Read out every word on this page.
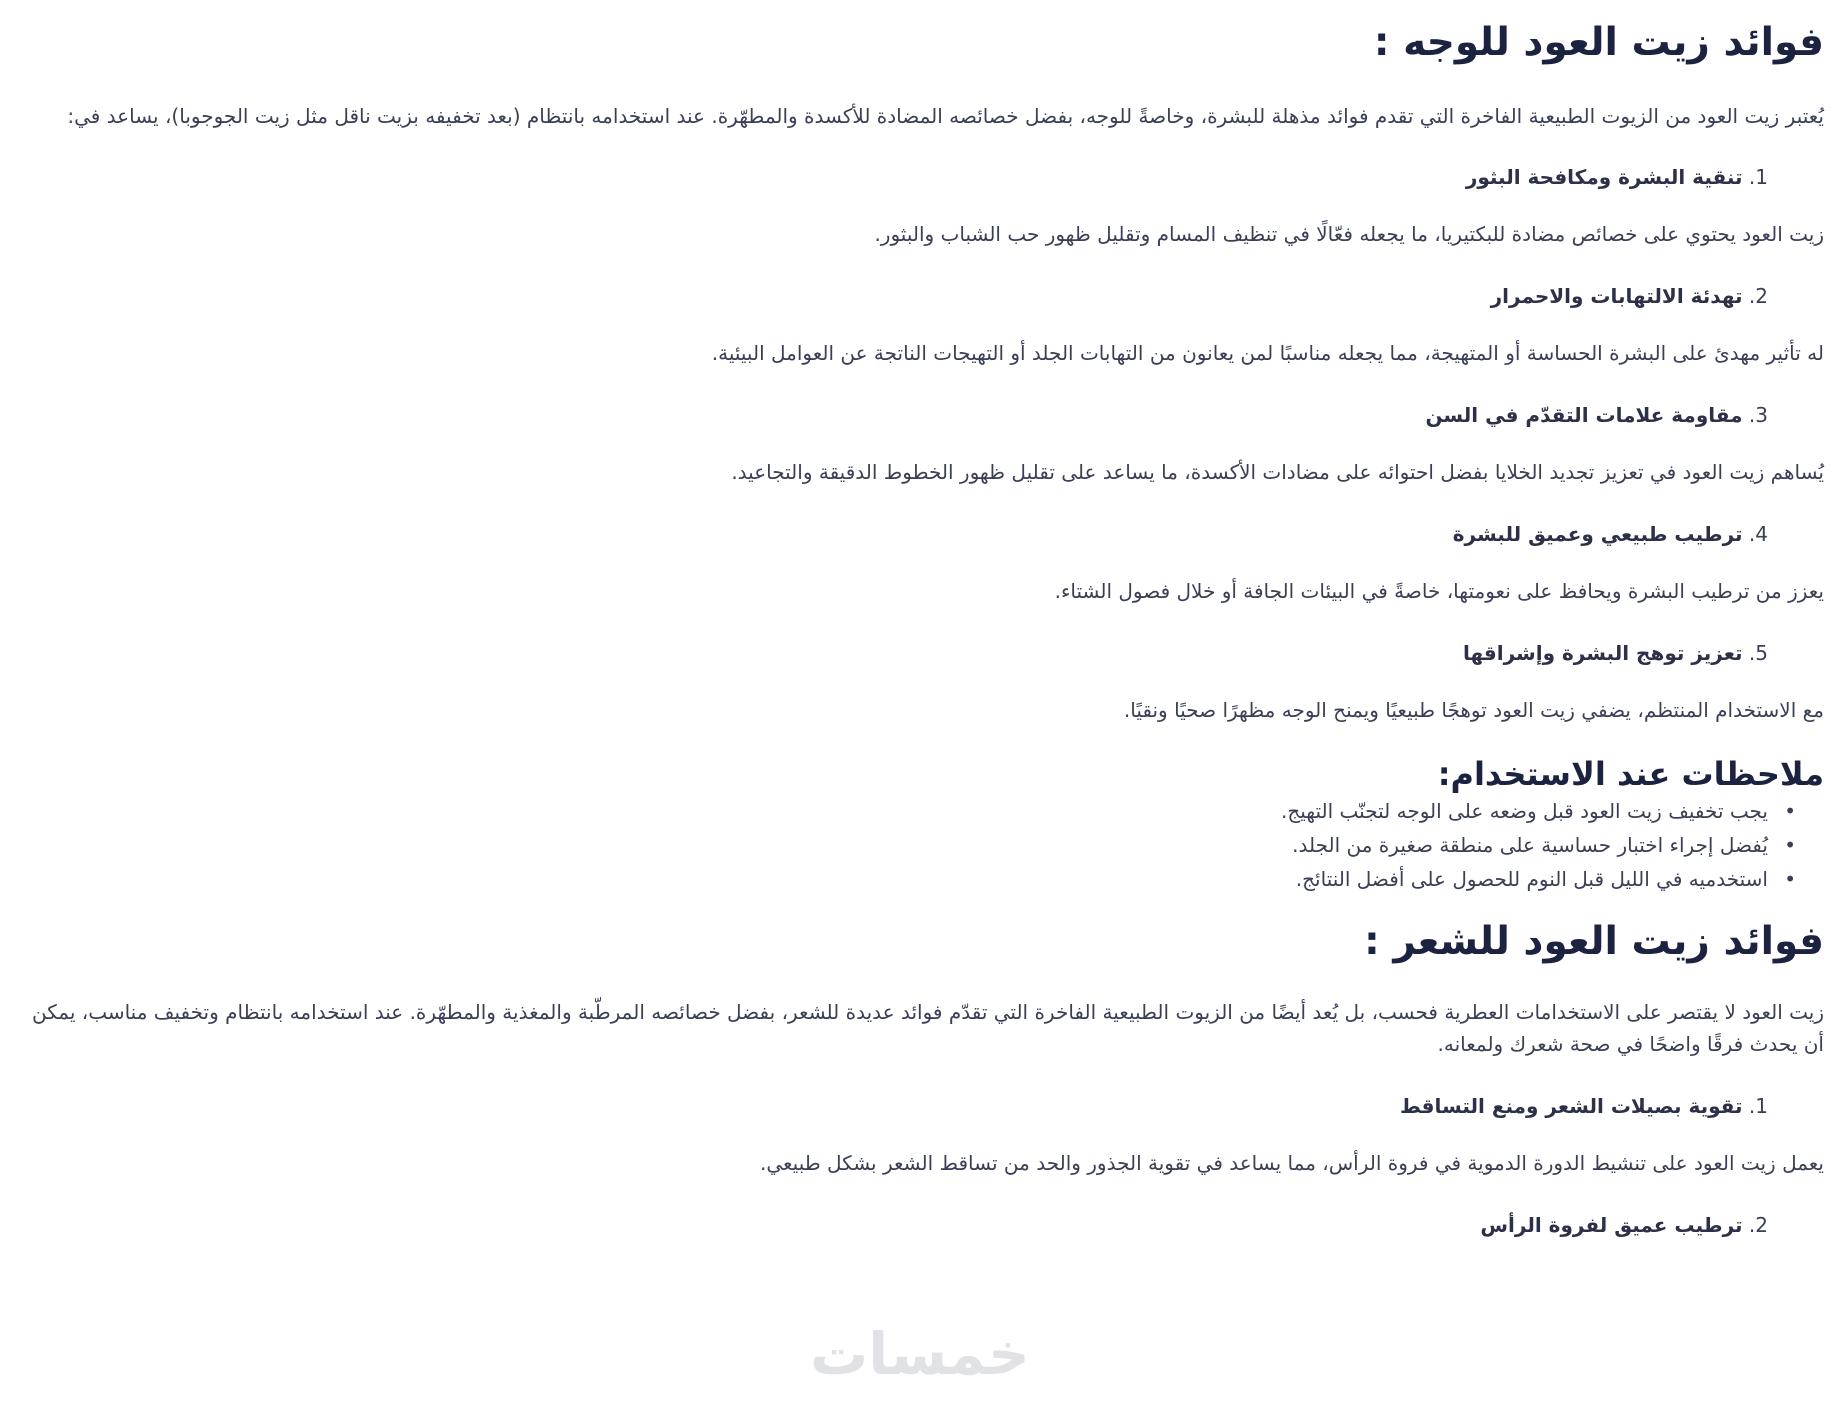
فوائد زيت العود للوجه :

يُعتبر زيت العود من الزيوت الطبيعية الفاخرة التي تقدم فوائد مذهلة للبشرة، وخاصةً للوجه، بفضل خصائصه المضادة للأكسدة والمطهّرة. عند استخدامه بانتظام (بعد تخفيفه بزيت ناقل مثل زيت الجوجوبا)، يساعد في:

1. تنقية البشرة ومكافحة البثور

زيت العود يحتوي على خصائص مضادة للبكتيريا، ما يجعله فعّالًا في تنظيف المسام وتقليل ظهور حب الشباب والبثور.

2. تهدئة الالتهابات والاحمرار

له تأثير مهدئ على البشرة الحساسة أو المتهيجة، مما يجعله مناسبًا لمن يعانون من التهابات الجلد أو التهيجات الناتجة عن العوامل البيئية.

3. مقاومة علامات التقدّم في السن

يُساهم زيت العود في تعزيز تجديد الخلايا بفضل احتوائه على مضادات الأكسدة، ما يساعد على تقليل ظهور الخطوط الدقيقة والتجاعيد.

4. ترطيب طبيعي وعميق للبشرة

يعزز من ترطيب البشرة ويحافظ على نعومتها، خاصةً في البيئات الجافة أو خلال فصول الشتاء.

5. تعزيز توهج البشرة وإشراقها

مع الاستخدام المنتظم، يضفي زيت العود توهجًا طبيعيًا ويمنح الوجه مظهرًا صحيًا ونقيًا.

ملاحظات عند الاستخدام:
• يجب تخفيف زيت العود قبل وضعه على الوجه لتجنّب التهيج.
• يُفضل إجراء اختبار حساسية على منطقة صغيرة من الجلد.
• استخدميه في الليل قبل النوم للحصول على أفضل النتائج.
فوائد زيت العود للشعر :

زيت العود لا يقتصر على الاستخدامات العطرية فحسب، بل يُعد أيضًا من الزيوت الطبيعية الفاخرة التي تقدّم فوائد عديدة للشعر، بفضل خصائصه المرطّبة والمغذية والمطهّرة. عند استخدامه بانتظام وتخفيف مناسب، يمكن أن يحدث فرقًا واضحًا في صحة شعرك ولمعانه.

1. تقوية بصيلات الشعر ومنع التساقط

يعمل زيت العود على تنشيط الدورة الدموية في فروة الرأس، مما يساعد في تقوية الجذور والحد من تساقط الشعر بشكل طبيعي.

2. ترطيب عميق لفروة الرأس
خمسات
